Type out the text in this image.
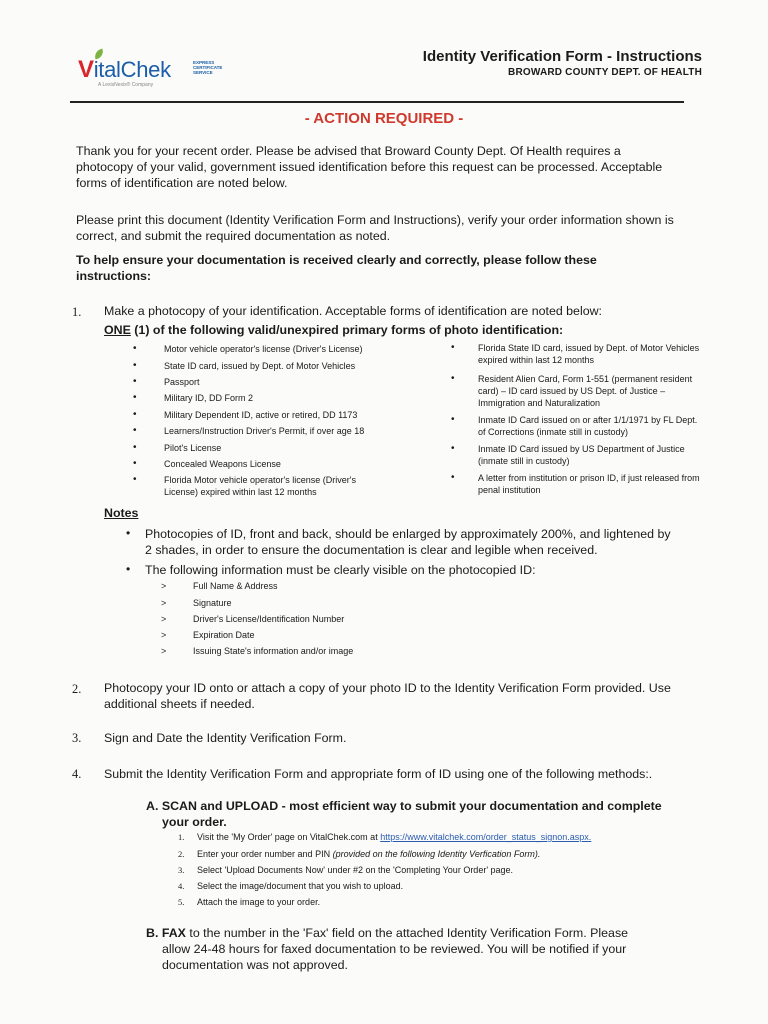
VitalChek	EXPRESS CERTIFICATE SERVICE
A LexisNexis® Company
Identity Verification Form - Instructions
BROWARD COUNTY DEPT. OF HEALTH
- ACTION REQUIRED -
Thank you for your recent order. Please be advised that Broward County Dept. Of Health requires a
photocopy of your valid, government issued identification before this request can be processed. Acceptable
forms of identification are noted below.
Please print this document (Identity Verification Form and Instructions), verify your order information shown is
correct, and submit the required documentation as noted.
To help ensure your documentation is received clearly and correctly, please follow these
instructions:
1. Make a photocopy of your identification. Acceptable forms of identification are noted below:
ONE (1) of the following valid/unexpired primary forms of photo identification:
•	Motor vehicle operator's license (Driver's License)
•	State ID card, issued by Dept. of Motor Vehicles
•	Passport
•	Military ID, DD Form 2
•	Military Dependent ID, active or retired, DD 1173
•	Learners/Instruction Driver's Permit, if over age 18
•	Pilot's License
•	Concealed Weapons License
•	Florida Motor vehicle operator's license (Driver's
License) expired within last 12 months
•	Florida State ID card, issued by Dept. of Motor Vehicles
expired within last 12 months
•	Resident Alien Card, Form 1-551 (permanent resident
card) – ID card issued by US Dept. of Justice –
Immigration and Naturalization
•	Inmate ID Card issued on or after 1/1/1971 by FL Dept.
of Corrections (inmate still in custody)
•	Inmate ID Card issued by US Department of Justice
(inmate still in custody)
•	A letter from institution or prison ID, if just released from
penal institution
Notes
• Photocopies of ID, front and back, should be enlarged by approximately 200%, and lightened by
2 shades, in order to ensure the documentation is clear and legible when received.
• The following information must be clearly visible on the photocopied ID:
>	Full Name & Address
>	Signature
>	Driver's License/Identification Number
>	Expiration Date
>	Issuing State's information and/or image
2. Photocopy your ID onto or attach a copy of your photo ID to the Identity Verification Form provided. Use
additional sheets if needed.
3. Sign and Date the Identity Verification Form.
4. Submit the Identity Verification Form and appropriate form of ID using one of the following methods:.
A. SCAN and UPLOAD - most efficient way to submit your documentation and complete
your order.
1. Visit the 'My Order' page on VitalChek.com at https://www.vitalchek.com/order_status_signon.aspx.
2. Enter your order number and PIN (provided on the following Identity Verfication Form).
3. Select 'Upload Documents Now' under #2 on the 'Completing Your Order' page.
4. Select the image/document that you wish to upload.
5. Attach the image to your order.
B. FAX to the number in the 'Fax' field on the attached Identity Verification Form. Please
allow 24-48 hours for faxed documentation to be reviewed. You will be notified if your
documentation was not approved.
